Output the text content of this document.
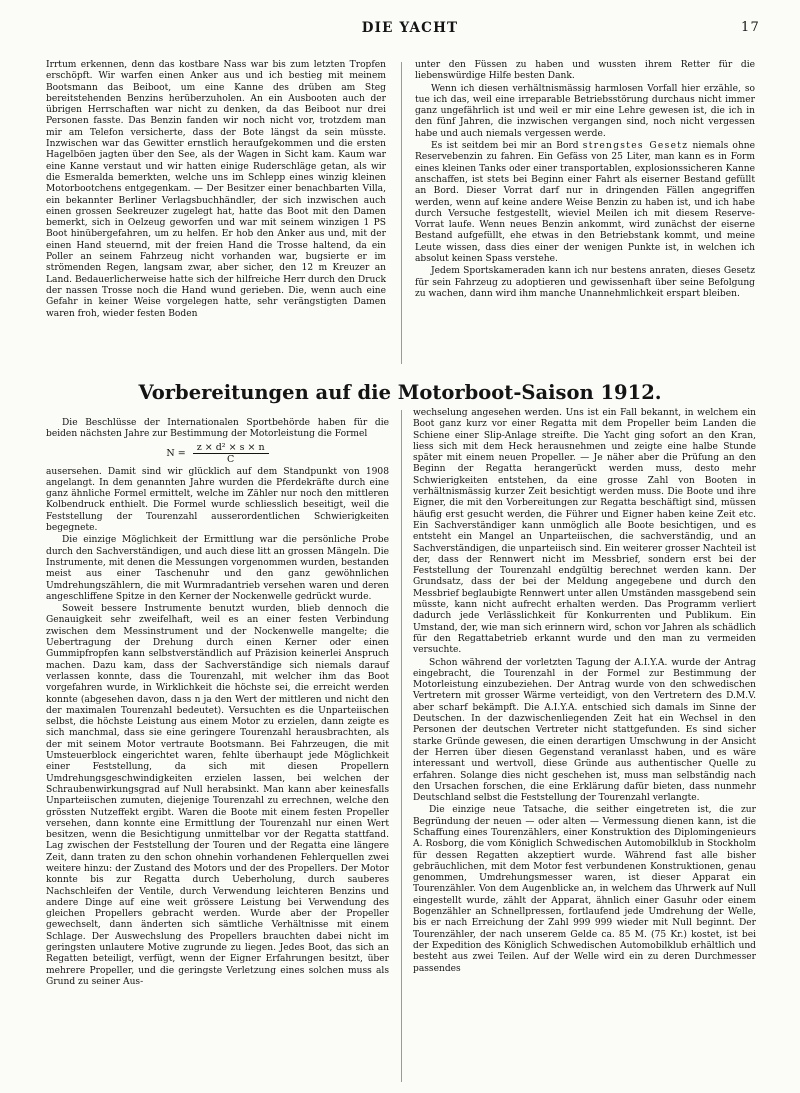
DIE YACHT	17

Irrtum erkennen, denn das kostbare Nass war bis zum letzten Tropfen erschöpft. Wir warfen einen Anker aus und ich bestieg mit meinem Bootsmann das Beiboot, um eine Kanne des drüben am Steg bereitstehenden Benzins herüberzuholen. An ein Ausbooten auch der übrigen Herrschaften war nicht zu denken, da das Beiboot nur drei Personen fasste. Das Benzin fanden wir noch nicht vor, trotzdem man mir am Telefon versicherte, dass der Bote längst da sein müsste. Inzwischen war das Gewitter ernstlich heraufgekommen und die ersten Hagelböen jagten über den See, als der Wagen in Sicht kam. Kaum war eine Kanne verstaut und wir hatten einige Ruderschläge getan, als wir die Esmeralda bemerkten, welche uns im Schlepp eines winzig kleinen Motorbootchens entgegenkam. — Der Besitzer einer benachbarten Villa, ein bekannter Berliner Verlagsbuchhändler, der sich inzwischen auch einen grossen Seekreuzer zugelegt hat, hatte das Boot mit den Damen bemerkt, sich in Oelzeug geworfen und war mit seinem winzigen 1 PS Boot hinübergefahren, um zu helfen. Er hob den Anker aus und, mit der einen Hand steuernd, mit der freien Hand die Trosse haltend, da ein Poller an seinem Fahrzeug nicht vorhanden war, bugsierte er im strömenden Regen, langsam zwar, aber sicher, den 12 m Kreuzer an Land. Bedauerlicherweise hatte sich der hilfreiche Herr durch den Druck der nassen Trosse noch die Hand wund gerieben. Die, wenn auch eine Gefahr in keiner Weise vorgelegen hatte, sehr verängstigten Damen waren froh, wieder festen Boden

unter den Füssen zu haben und wussten ihrem Retter für die liebenswürdige Hilfe besten Dank.

Wenn ich diesen verhältnismässig harmlosen Vorfall hier erzähle, so tue ich das, weil eine irreparable Betriebsstörung durchaus nicht immer ganz ungefährlich ist und weil er mir eine Lehre gewesen ist, die ich in den fünf Jahren, die inzwischen vergangen sind, noch nicht vergessen habe und auch niemals vergessen werde.

Es ist seitdem bei mir an Bord strengstes Gesetz niemals ohne Reservebenzin zu fahren. Ein Gefäss von 25 Liter, man kann es in Form eines kleinen Tanks oder einer transportablen, explosionssicheren Kanne anschaffen, ist stets bei Beginn einer Fahrt als eiserner Bestand gefüllt an Bord. Dieser Vorrat darf nur in dringenden Fällen angegriffen werden, wenn auf keine andere Weise Benzin zu haben ist, und ich habe durch Versuche festgestellt, wieviel Meilen ich mit diesem Reserve-Vorrat laufe. Wenn neues Benzin ankommt, wird zunächst der eiserne Bestand aufgefüllt, ehe etwas in den Betriebstank kommt, und meine Leute wissen, dass dies einer der wenigen Punkte ist, in welchen ich absolut keinen Spass verstehe.

Jedem Sportskameraden kann ich nur bestens anraten, dieses Gesetz für sein Fahrzeug zu adoptieren und gewissenhaft über seine Befolgung zu wachen, dann wird ihm manche Unannehmlichkeit erspart bleiben.

Vorbereitungen auf die Motorboot-Saison 1912.

Die Beschlüsse der Internationalen Sportbehörde haben für die beiden nächsten Jahre zur Bestimmung der Motorleistung die Formel

$N = \frac{\text{z × d² × s × n}}{C}$

ausersehen. Damit sind wir glücklich auf dem Standpunkt von 1908 angelangt. In dem genannten Jahre wurden die Pferdekräfte durch eine ganz ähnliche Formel ermittelt, welche im Zähler nur noch den mittleren Kolbendruck enthielt. Die Formel wurde schliesslich beseitigt, weil die Feststellung der Tourenzahl ausserordentlichen Schwierigkeiten begegnete.

Die einzige Möglichkeit der Ermittlung war die persönliche Probe durch den Sachverständigen, und auch diese litt an grossen Mängeln. Die Instrumente, mit denen die Messungen vorgenommen wurden, bestanden meist aus einer Taschenuhr und den ganz gewöhnlichen Umdrehungszählern, die mit Wurmradantrieb versehen waren und deren angeschliffene Spitze in den Kerner der Nockenwelle gedrückt wurde.

Soweit bessere Instrumente benutzt wurden, blieb dennoch die Genauigkeit sehr zweifelhaft, weil es an einer festen Verbindung zwischen dem Messinstrument und der Nockenwelle mangelte; die Uebertragung der Drehung durch einen Kerner oder einen Gummipfropfen kann selbstverständlich auf Präzision keinerlei Anspruch machen. Dazu kam, dass der Sachverständige sich niemals darauf verlassen konnte, dass die Tourenzahl, mit welcher ihm das Boot vorgefahren wurde, in Wirklichkeit die höchste sei, die erreicht werden konnte (abgesehen davon, dass n ja den Wert der mittleren und nicht den der maximalen Tourenzahl bedeutet). Versuchten es die Unparteiischen selbst, die höchste Leistung aus einem Motor zu erzielen, dann zeigte es sich manchmal, dass sie eine geringere Tourenzahl herausbrachten, als der mit seinem Motor vertraute Bootsmann. Bei Fahrzeugen, die mit Umsteuerblock eingerichtet waren, fehlte überhaupt jede Möglichkeit einer Feststellung, da sich mit diesen Propellern Umdrehungsgeschwindigkeiten erzielen lassen, bei welchen der Schraubenwirkungsgrad auf Null herabsinkt. Man kann aber keinesfalls Unparteiischen zumuten, diejenige Tourenzahl zu errechnen, welche den grössten Nutzeffekt ergibt. Waren die Boote mit einem festen Propeller versehen, dann konnte eine Ermittlung der Tourenzahl nur einen Wert besitzen, wenn die Besichtigung unmittelbar vor der Regatta stattfand. Lag zwischen der Feststellung der Touren und der Regatta eine längere Zeit, dann traten zu den schon ohnehin vorhandenen Fehlerquellen zwei weitere hinzu: der Zustand des Motors und der des Propellers. Der Motor konnte bis zur Regatta durch Ueberholung, durch sauberes Nachschleifen der Ventile, durch Verwendung leichteren Benzins und andere Dinge auf eine weit grössere Leistung bei Verwendung des gleichen Propellers gebracht werden. Wurde aber der Propeller gewechselt, dann änderten sich sämtliche Verhältnisse mit einem Schlage. Der Auswechslung des Propellers brauchten dabei nicht im geringsten unlautere Motive zugrunde zu liegen. Jedes Boot, das sich an Regatten beteiligt, verfügt, wenn der Eigner Erfahrungen besitzt, über mehrere Propeller, und die geringste Verletzung eines solchen muss als Grund zu seiner Aus-

wechselung angesehen werden. Uns ist ein Fall bekannt, in welchem ein Boot ganz kurz vor einer Regatta mit dem Propeller beim Landen die Schiene einer Slip-Anlage streifte. Die Yacht ging sofort an den Kran, liess sich mit dem Heck herausnehmen und zeigte eine halbe Stunde später mit einem neuen Propeller. — Je näher aber die Prüfung an den Beginn der Regatta herangerückt werden muss, desto mehr Schwierigkeiten entstehen, da eine grosse Zahl von Booten in verhältnismässig kurzer Zeit besichtigt werden muss. Die Boote und ihre Eigner, die mit den Vorbereitungen zur Regatta beschäftigt sind, müssen häufig erst gesucht werden, die Führer und Eigner haben keine Zeit etc. Ein Sachverständiger kann unmöglich alle Boote besichtigen, und es entsteht ein Mangel an Unparteiischen, die sachverständig, und an Sachverständigen, die unparteiisch sind. Ein weiterer grosser Nachteil ist der, dass der Rennwert nicht im Messbrief, sondern erst bei der Feststellung der Tourenzahl endgültig berechnet werden kann. Der Grundsatz, dass der bei der Meldung angegebene und durch den Messbrief beglaubigte Rennwert unter allen Umständen massgebend sein müsste, kann nicht aufrecht erhalten werden. Das Programm verliert dadurch jede Verlässlichkeit für Konkurrenten und Publikum. Ein Umstand, der, wie man sich erinnern wird, schon vor Jahren als schädlich für den Regattabetrieb erkannt wurde und den man zu vermeiden versuchte.

Schon während der vorletzten Tagung der A.I.Y.A. wurde der Antrag eingebracht, die Tourenzahl in der Formel zur Bestimmung der Motorleistung einzubeziehen. Der Antrag wurde von den schwedischen Vertretern mit grosser Wärme verteidigt, von den Vertretern des D.M.V. aber scharf bekämpft. Die A.I.Y.A. entschied sich damals im Sinne der Deutschen. In der dazwischenliegenden Zeit hat ein Wechsel in den Personen der deutschen Vertreter nicht stattgefunden. Es sind sicher starke Gründe gewesen, die einen derartigen Umschwung in der Ansicht der Herren über diesen Gegenstand veranlasst haben, und es wäre interessant und wertvoll, diese Gründe aus authentischer Quelle zu erfahren. Solange dies nicht geschehen ist, muss man selbständig nach den Ursachen forschen, die eine Erklärung dafür bieten, dass nunmehr Deutschland selbst die Feststellung der Tourenzahl verlangte.

Die einzige neue Tatsache, die seither eingetreten ist, die zur Begründung der neuen — oder alten — Vermessung dienen kann, ist die Schaffung eines Tourenzählers, einer Konstruktion des Diplomingenieurs A. Rosborg, die vom Königlich Schwedischen Automobilklub in Stockholm für dessen Regatten akzeptiert wurde. Während fast alle bisher gebräuchlichen, mit dem Motor fest verbundenen Konstruktionen, genau genommen, Umdrehungsmesser waren, ist dieser Apparat ein Tourenzähler. Von dem Augenblicke an, in welchem das Uhrwerk auf Null eingestellt wurde, zählt der Apparat, ähnlich einer Gasuhr oder einem Bogenzähler an Schnellpressen, fortlaufend jede Umdrehung der Welle, bis er nach Erreichung der Zahl 999 999 wieder mit Null beginnt. Der Tourenzähler, der nach unserem Gelde ca. 85 M. (75 Kr.) kostet, ist bei der Expedition des Königlich Schwedischen Automobilklub erhältlich und besteht aus zwei Teilen. Auf der Welle wird ein zu deren Durchmesser passendes
